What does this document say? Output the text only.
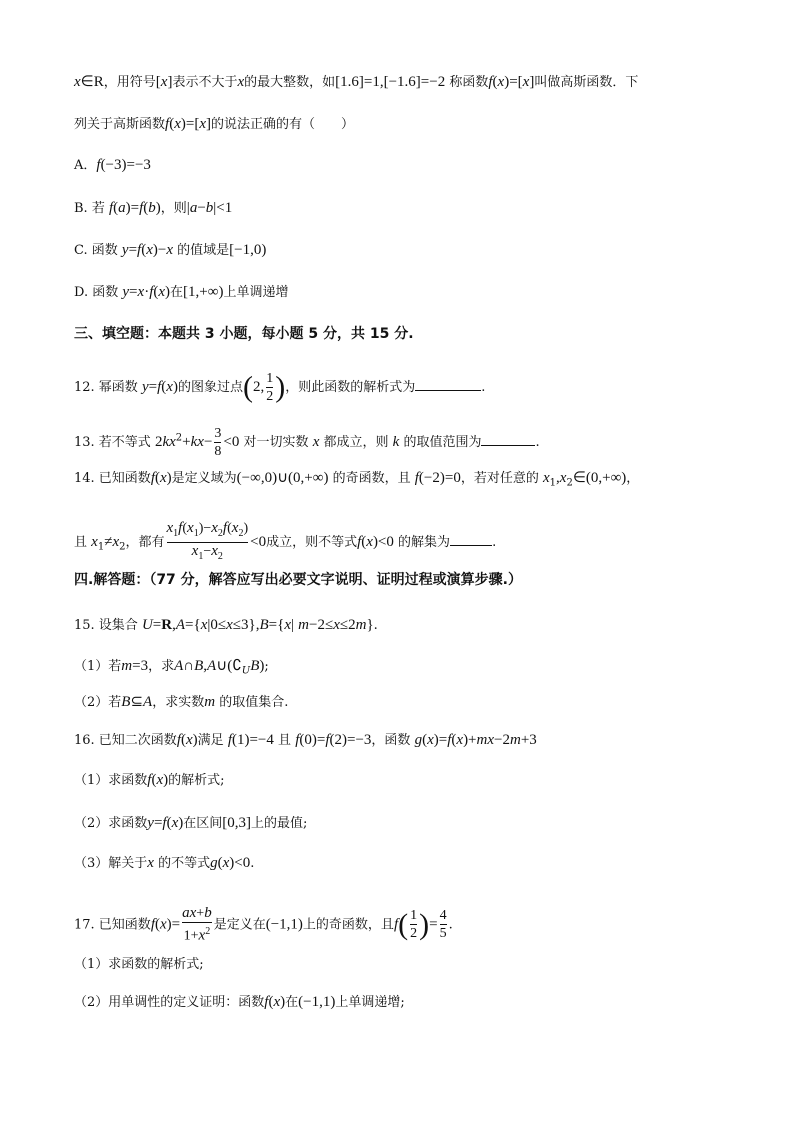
x∈R，用符号[x]表示不大于x的最大整数，如[1.6]=1,[−1.6]=−2 称函数f(x)=[x]叫做高斯函数．下
列关于高斯函数f(x)=[x]的说法正确的有（　　）
A．f(−3)=−3
B. 若 f(a)=f(b)，则|a−b|<1
C. 函数 y=f(x)−x 的值域是[−1,0)
D. 函数 y=x·f(x)在[1,+∞)上单调递增
三、填空题：本题共 3 小题，每小题 5 分，共 15 分.
12. 幂函数 y=f(x)的图象过点(2, $\frac{1}{2}$ )，则此函数的解析式为	.
13. 若不等式 $2kx^2+kx- \frac{3}{8} <0$ 对一切实数 x 都成立，则 k 的取值范围为	.
14. 已知函数f(x)是定义域为(−∞,0)∪(0,+∞) 的奇函数，且 f(−2)=0，若对任意的 $x_1,x_2\in(0,+\infty)$，
且 $x_1\ne x_2$，都有 $\frac{x_1f(x_1)-x_2f(x_2)}{x_1-x_2} <0$成立，则不等式f(x)<0 的解集为	.
四.解答题：（77 分，解答应写出必要文字说明、证明过程或演算步骤.）
15. 设集合 U=R,A={x|0≤x≤3},B={x| m−2≤x≤2m}.
（1）若m=3，求$A\cap B,A\cup(∁_UB)$;
（2）若B⊆A，求实数m 的取值集合.
16. 已知二次函数f(x)满足 f(1)=−4 且 f(0)=f(2)=−3，函数 g(x)=f(x)+mx−2m+3
（1）求函数f(x)的解析式;
（2）求函数y=f(x)在区间[0,3]上的最值;
（3）解关于x 的不等式g(x)<0.
17. 已知函数$f(x)= \frac{ax+b}{1+x^2}$ 是定义在(−1,1)上的奇函数，且$f( \frac{1}{2}$ )= $\frac{4}{5}$ .
（1）求函数的解析式;
（2）用单调性的定义证明：函数f(x)在(−1,1)上单调递增;
